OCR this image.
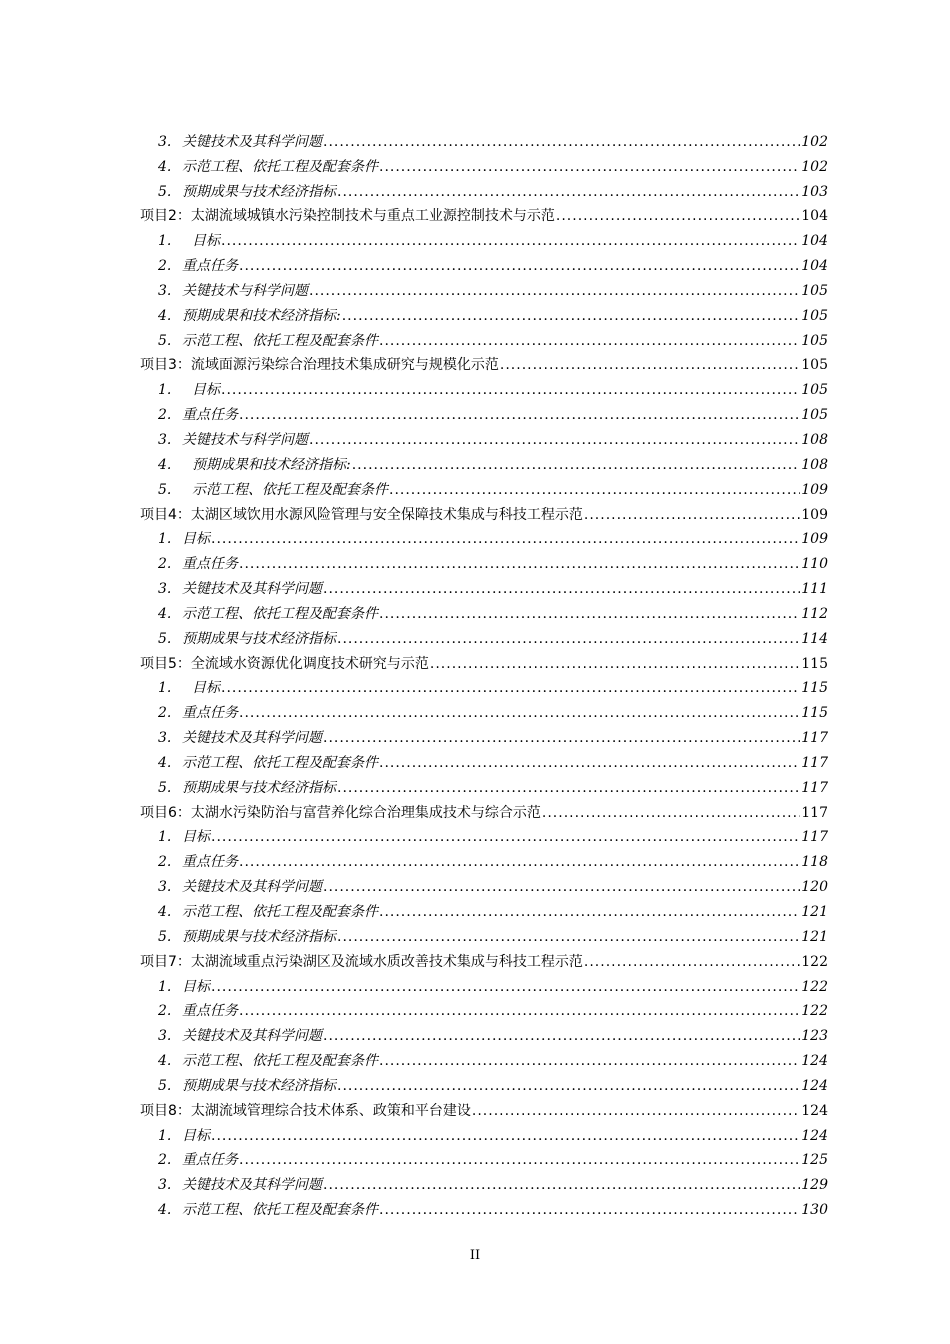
3. 关键技术及其科学问题 .....	102
4. 示范工程、依托工程及配套条件 .....	102
5. 预期成果与技术经济指标 .....	103
项目2：太湖流域城镇水污染控制技术与重点工业源控制技术与示范 .....	104
1.	目标 .....	104
2. 重点任务 .....	104
3. 关键技术与科学问题 .....	105
4. 预期成果和技术经济指标: .....	105
5. 示范工程、依托工程及配套条件 .....	105
项目3：流域面源污染综合治理技术集成研究与规模化示范 .....	105
1.	目标 .....	105
2. 重点任务 .....	105
3. 关键技术与科学问题 .....	108
4.	预期成果和技术经济指标: .....	108
5.	示范工程、依托工程及配套条件 .....	109
项目4：太湖区域饮用水源风险管理与安全保障技术集成与科技工程示范 .....	109
1. 目标 .....	109
2. 重点任务 .....	110
3. 关键技术及其科学问题 .....	111
4. 示范工程、依托工程及配套条件 .....	112
5. 预期成果与技术经济指标 .....	114
项目5：全流域水资源优化调度技术研究与示范 .....	115
1.	目标 .....	115
2. 重点任务 .....	115
3. 关键技术及其科学问题 .....	117
4. 示范工程、依托工程及配套条件 .....	117
5. 预期成果与技术经济指标 .....	117
项目6：太湖水污染防治与富营养化综合治理集成技术与综合示范 .....	117
1. 目标 .....	117
2. 重点任务 .....	118
3. 关键技术及其科学问题 .....	120
4. 示范工程、依托工程及配套条件 .....	121
5. 预期成果与技术经济指标 .....	121
项目7：太湖流域重点污染湖区及流域水质改善技术集成与科技工程示范 .....	122
1. 目标 .....	122
2. 重点任务 .....	122
3. 关键技术及其科学问题 .....	123
4. 示范工程、依托工程及配套条件 .....	124
5. 预期成果与技术经济指标 .....	124
项目8：太湖流域管理综合技术体系、政策和平台建设 .....	124
1. 目标 .....	124
2. 重点任务 .....	125
3. 关键技术及其科学问题 .....	129
4. 示范工程、依托工程及配套条件 .....	130
II
